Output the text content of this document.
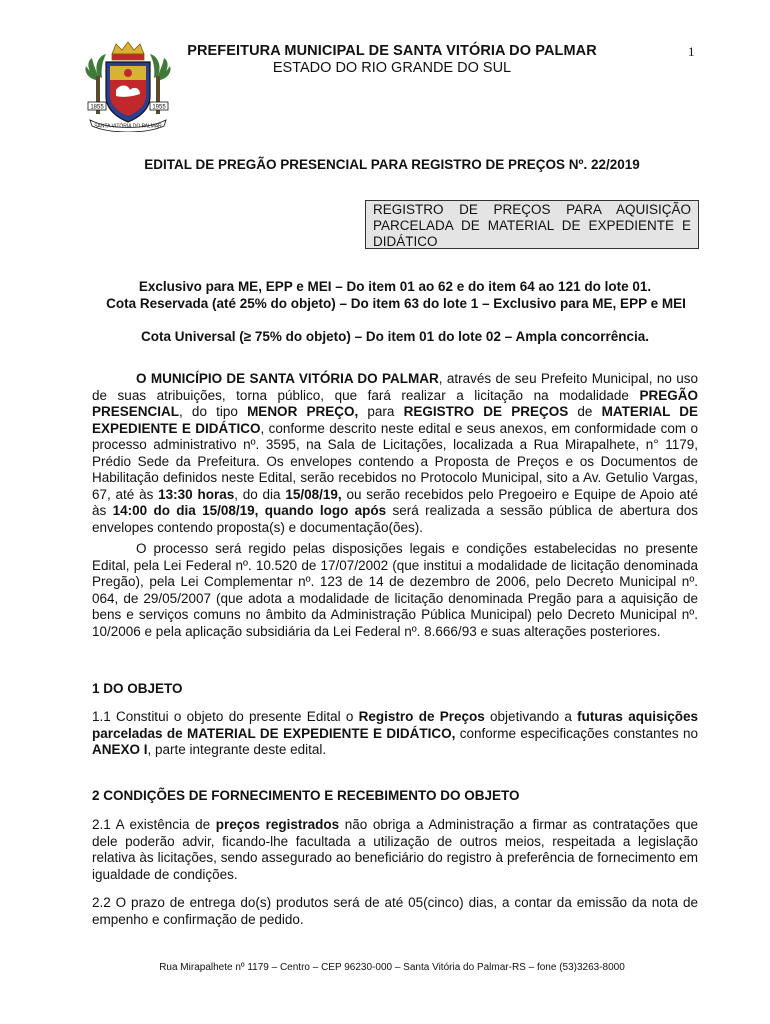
1855	1955
SANTA VITÓRIA DO PALMAR
PREFEITURA MUNICIPAL DE SANTA VITÓRIA DO PALMAR
ESTADO DO RIO GRANDE DO SUL
1
EDITAL DE PREGÃO PRESENCIAL PARA REGISTRO DE PREÇOS Nº. 22/2019
REGISTRO DE PREÇOS PARA AQUISIÇÃO PARCELADA DE MATERIAL DE EXPEDIENTE E DIDÁTICO
Exclusivo para ME, EPP e MEI – Do item 01 ao 62 e do item 64 ao 121 do lote 01.
Cota Reservada (até 25% do objeto) – Do item 63 do lote 1 – Exclusivo para ME, EPP e MEI
Cota Universal (≥ 75% do objeto) – Do item 01 do lote 02 – Ampla concorrência.
O MUNICÍPIO DE SANTA VITÓRIA DO PALMAR, através de seu Prefeito Municipal, no uso de suas atribuições, torna público, que fará realizar a licitação na modalidade PREGÃO PRESENCIAL, do tipo MENOR PREÇO, para REGISTRO DE PREÇOS de MATERIAL DE EXPEDIENTE E DIDÁTICO, conforme descrito neste edital e seus anexos, em conformidade com o processo administrativo nº. 3595, na Sala de Licitações, localizada a Rua Mirapalhete, n° 1179, Prédio Sede da Prefeitura. Os envelopes contendo a Proposta de Preços e os Documentos de Habilitação definidos neste Edital, serão recebidos no Protocolo Municipal, sito a Av. Getulio Vargas, 67, até às 13:30 horas, do dia 15/08/19, ou serão recebidos pelo Pregoeiro e Equipe de Apoio até às 14:00 do dia 15/08/19, quando logo após será realizada a sessão pública de abertura dos envelopes contendo proposta(s) e documentação(ões).
O processo será regido pelas disposições legais e condições estabelecidas no presente Edital, pela Lei Federal nº. 10.520 de 17/07/2002 (que institui a modalidade de licitação denominada Pregão), pela Lei Complementar nº. 123 de 14 de dezembro de 2006, pelo Decreto Municipal nº. 064, de 29/05/2007 (que adota a modalidade de licitação denominada Pregão para a aquisição de bens e serviços comuns no âmbito da Administração Pública Municipal) pelo Decreto Municipal nº. 10/2006 e pela aplicação subsidiária da Lei Federal nº. 8.666/93 e suas alterações posteriores.
1 DO OBJETO
1.1 Constitui o objeto do presente Edital o Registro de Preços objetivando a futuras aquisições parceladas de MATERIAL DE EXPEDIENTE E DIDÁTICO, conforme especificações constantes no ANEXO I, parte integrante deste edital.
2 CONDIÇÕES DE FORNECIMENTO E RECEBIMENTO DO OBJETO
2.1 A existência de preços registrados não obriga a Administração a firmar as contratações que dele poderão advir, ficando-lhe facultada a utilização de outros meios, respeitada a legislação relativa às licitações, sendo assegurado ao beneficiário do registro à preferência de fornecimento em igualdade de condições.
2.2 O prazo de entrega do(s) produtos será de até 05(cinco) dias, a contar da emissão da nota de empenho e confirmação de pedido.
Rua Mirapalhete nº 1179 – Centro – CEP 96230-000 – Santa Vitória do Palmar-RS – fone (53)3263-8000
